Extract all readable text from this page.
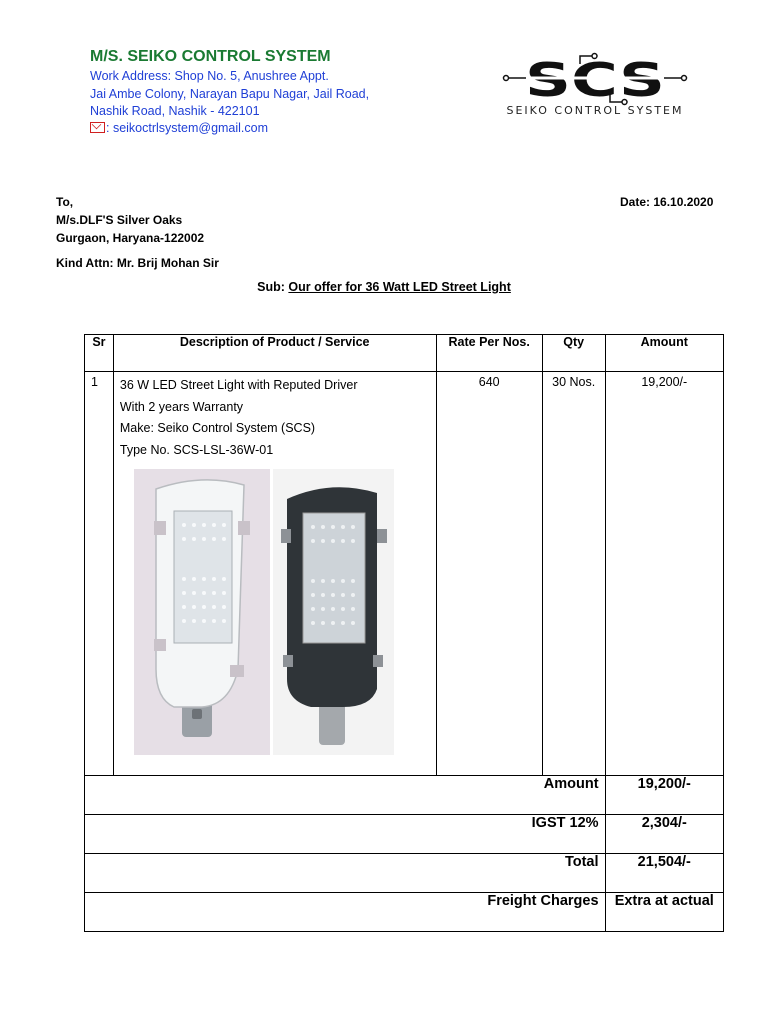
M/S. SEIKO CONTROL SYSTEM
Work Address: Shop No. 5, Anushree Appt.
Jai Ambe Colony, Narayan Bapu Nagar, Jail Road,
Nashik Road, Nashik - 422101
: seikoctrlsystem@gmail.com
SCS
SEIKO CONTROL SYSTEM
To,
M/s.DLF'S Silver Oaks
Gurgaon, Haryana-122002
Kind Attn: Mr. Brij Mohan Sir
Date: 16.10.2020
Sub: Our offer for 36 Watt LED Street Light
Sr	Description of Product / Service	Rate Per Nos.	Qty	Amount
1	36 W LED Street Light with Reputed Driver
With 2 years Warranty
Make: Seiko Control System (SCS)
Type No. SCS-LSL-36W-01	640	30 Nos.	19,200/-
Amount				19,200/-
IGST 12%				2,304/-
Total				21,504/-
Freight Charges				Extra at actual
